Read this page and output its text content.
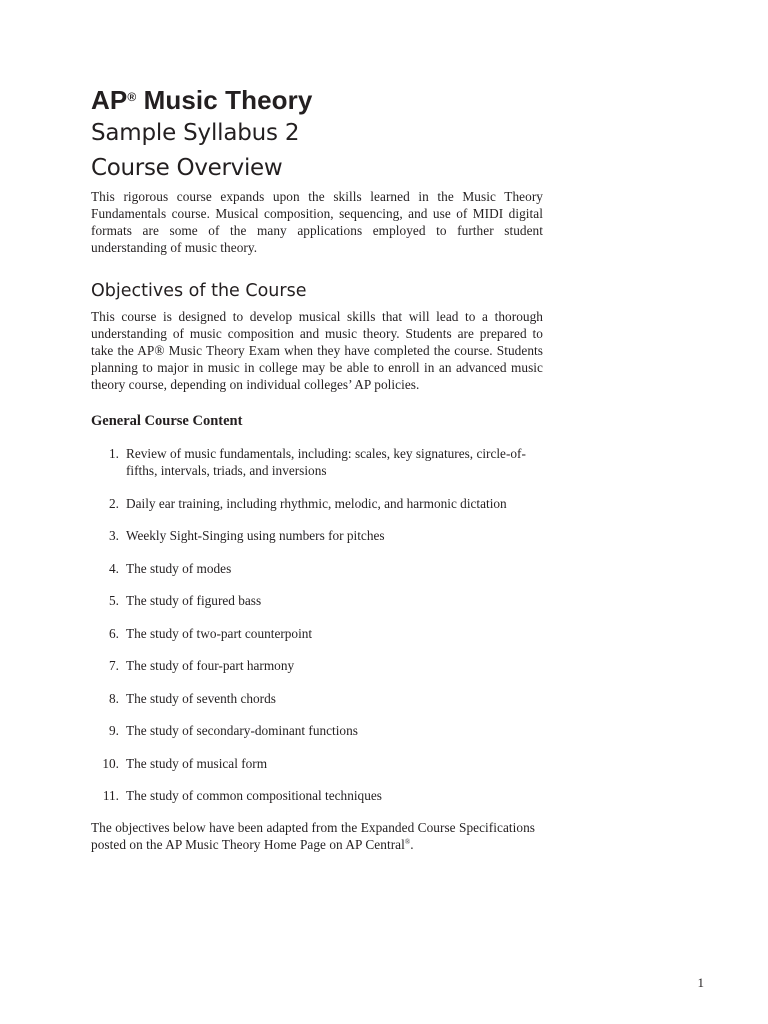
AP® Music Theory
Sample Syllabus 2
Course Overview

This rigorous course expands upon the skills learned in the Music Theory Fundamentals course. Musical composition, sequencing, and use of MIDI digital formats are some of the many applications employed to further student understanding of music theory.

Objectives of the Course

This course is designed to develop musical skills that will lead to a thorough understanding of music composition and music theory. Students are prepared to take the AP® Music Theory Exam when they have completed the course. Students planning to major in music in college may be able to enroll in an advanced music theory course, depending on individual colleges’ AP policies.

General Course Content
1. Review of music fundamentals, including: scales, key signatures, circle-of-fifths, intervals, triads, and inversions
2. Daily ear training, including rhythmic, melodic, and harmonic dictation
3. Weekly Sight-Singing using numbers for pitches
4. The study of modes
5. The study of figured bass
6. The study of two-part counterpoint
7. The study of four-part harmony
8. The study of seventh chords
9. The study of secondary-dominant functions
10. The study of musical form
11. The study of common compositional techniques

The objectives below have been adapted from the Expanded Course Specifications posted on the AP Music Theory Home Page on AP Central®.

1
